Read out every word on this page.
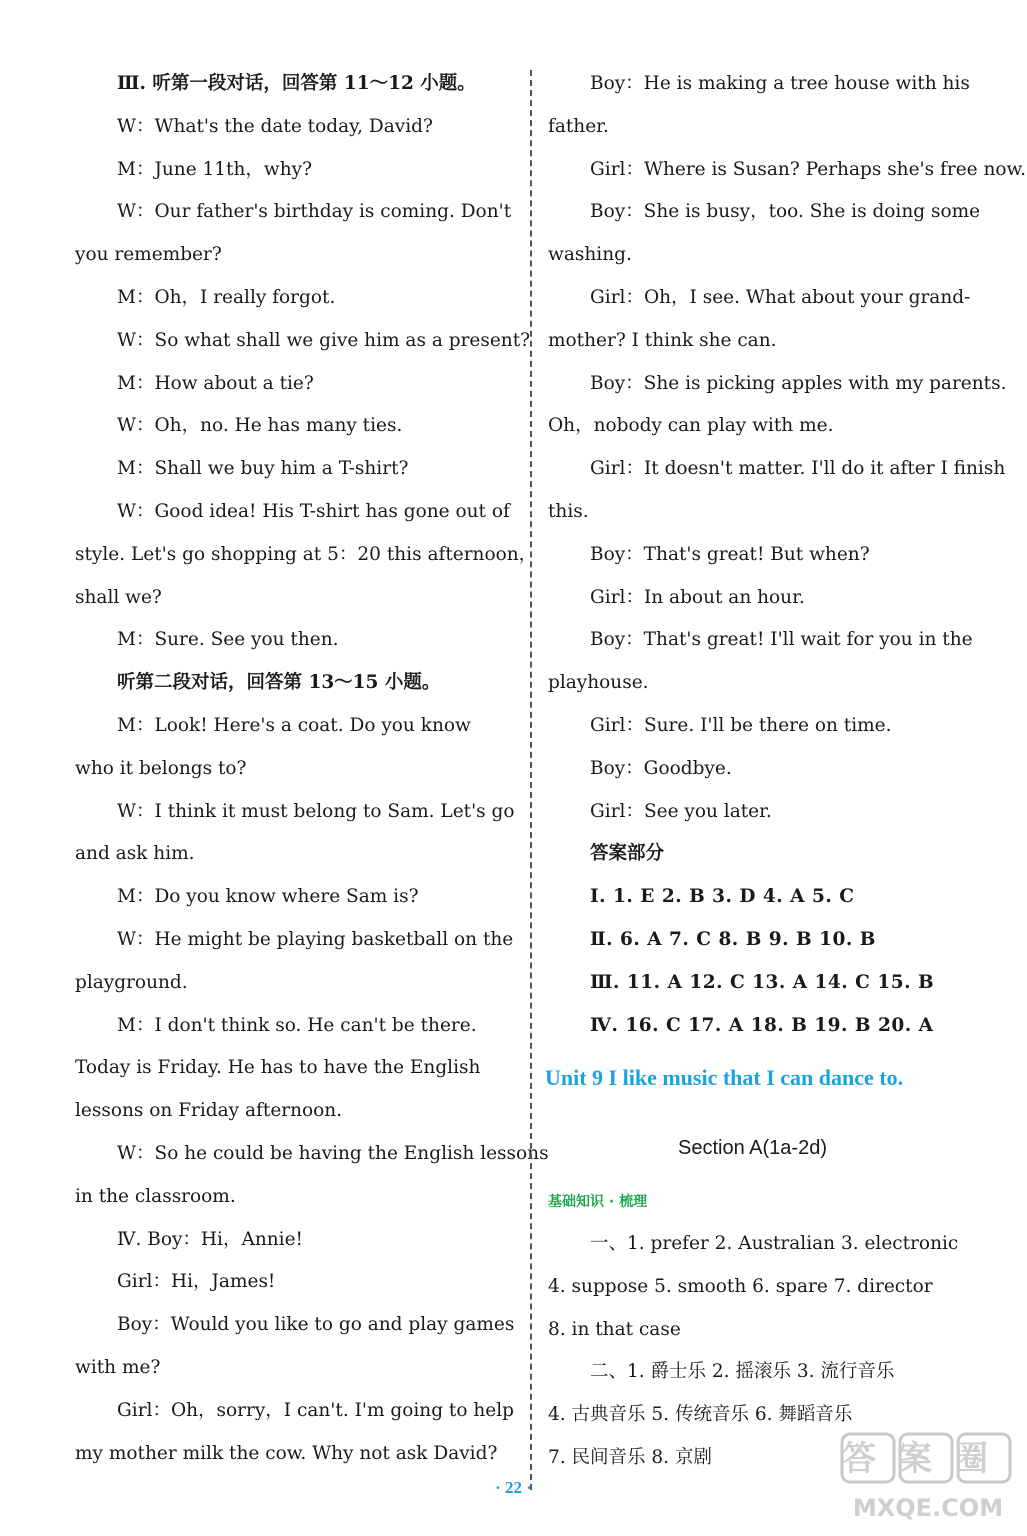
Ⅲ. 听第一段对话，回答第 11～12 小题。
W：What's the date today, David?
M：June 11th，why?
W：Our father's birthday is coming. Don't
you remember?
M：Oh，I really forgot.
W：So what shall we give him as a present?
M：How about a tie?
W：Oh，no. He has many ties.
M：Shall we buy him a T-shirt?
W：Good idea! His T-shirt has gone out of
style. Let's go shopping at 5：20 this afternoon，
shall we?
M：Sure. See you then.
听第二段对话，回答第 13～15 小题。
M：Look! Here's a coat. Do you know
who it belongs to?
W：I think it must belong to Sam. Let's go
and ask him.
M：Do you know where Sam is?
W：He might be playing basketball on the
playground.
M：I don't think so. He can't be there.
Today is Friday. He has to have the English
lessons on Friday afternoon.
W：So he could be having the English lessons
in the classroom.
Ⅳ. Boy：Hi，Annie!
Girl：Hi，James!
Boy：Would you like to go and play games
with me?
Girl：Oh，sorry，I can't. I'm going to help
my mother milk the cow. Why not ask David?
Boy：He is making a tree house with his
father.
Girl：Where is Susan? Perhaps she's free now.
Boy：She is busy，too. She is doing some
washing.
Girl：Oh，I see. What about your grand-
mother? I think she can.
Boy：She is picking apples with my parents.
Oh，nobody can play with me.
Girl：It doesn't matter. I'll do it after I finish
this.
Boy：That's great! But when?
Girl：In about an hour.
Boy：That's great! I'll wait for you in the
playhouse.
Girl：Sure. I'll be there on time.
Boy：Goodbye.
Girl：See you later.
答案部分
Ⅰ. 1. E 2. B 3. D 4. A 5. C
Ⅱ. 6. A 7. C 8. B 9. B 10. B
Ⅲ. 11. A 12. C 13. A 14. C 15. B
Ⅳ. 16. C 17. A 18. B 19. B 20. A
Unit 9 I like music that I can dance to.
Section A(1a-2d)
基础知识 · 梳理
一、1. prefer 2. Australian 3. electronic
4. suppose 5. smooth 6. spare 7. director
8. in that case
二、1. 爵士乐 2. 摇滚乐 3. 流行音乐
4. 古典音乐 5. 传统音乐 6. 舞蹈音乐
7. 民间音乐 8. 京剧
· 22 ·
答案圈
MXQE.COM
